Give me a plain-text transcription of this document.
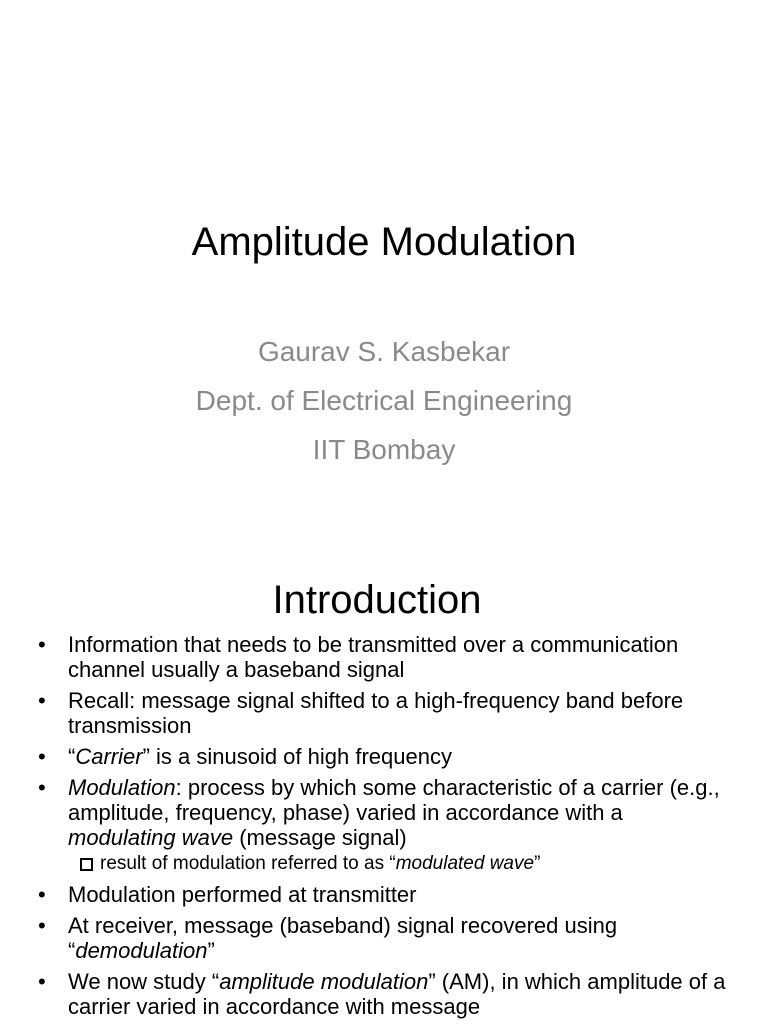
Amplitude Modulation
Gaurav S. Kasbekar
Dept. of Electrical Engineering
IIT Bombay
Introduction
• Information that needs to be transmitted over a communication channel usually a baseband signal
• Recall: message signal shifted to a high-frequency band before transmission
• “Carrier” is a sinusoid of high frequency
• Modulation: process by which some characteristic of a carrier (e.g., amplitude, frequency, phase) varied in accordance with a modulating wave (message signal)
result of modulation referred to as “modulated wave”
• Modulation performed at transmitter
• At receiver, message (baseband) signal recovered using “demodulation”
• We now study “amplitude modulation” (AM), in which amplitude of a carrier varied in accordance with message
